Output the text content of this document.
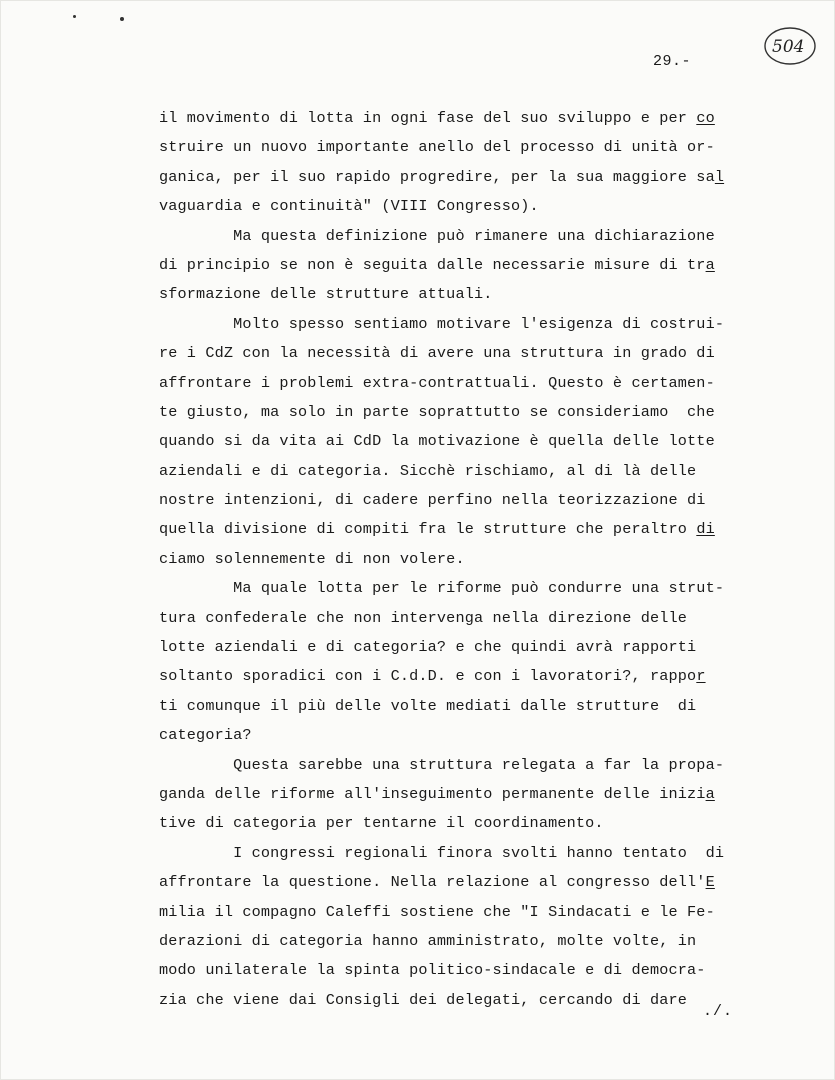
29.-
504
il movimento di lotta in ogni fase del suo sviluppo e per co
struire un nuovo importante anello del processo di unità or-
ganica, per il suo rapido progredire, per la sua maggiore sal
vaguardia e continuità" (VIII Congresso).
Ma questa definizione può rimanere una dichiarazione
di principio se non è seguita dalle necessarie misure di tra
sformazione delle strutture attuali.
Molto spesso sentiamo motivare l'esigenza di costrui-
re i CdZ con la necessità di avere una struttura in grado di
affrontare i problemi extra-contrattuali. Questo è certamen-
te giusto, ma solo in parte soprattutto se consideriamo  che
quando si da vita ai CdD la motivazione è quella delle lotte
aziendali e di categoria. Sicchè rischiamo, al di là delle
nostre intenzioni, di cadere perfino nella teorizzazione di
quella divisione di compiti fra le strutture che peraltro di
ciamo solennemente di non volere.
Ma quale lotta per le riforme può condurre una strut-
tura confederale che non intervenga nella direzione delle
lotte aziendali e di categoria? e che quindi avrà rapporti
soltanto sporadici con i C.d.D. e con i lavoratori?, rappor
ti comunque il più delle volte mediati dalle strutture  di
categoria?
Questa sarebbe una struttura relegata a far la propa-
ganda delle riforme all'inseguimento permanente delle inizia
tive di categoria per tentarne il coordinamento.
I congressi regionali finora svolti hanno tentato  di
affrontare la questione. Nella relazione al congresso dell'E
milia il compagno Caleffi sostiene che "I Sindacati e le Fe-
derazioni di categoria hanno amministrato, molte volte, in
modo unilaterale la spinta politico-sindacale e di democra-
zia che viene dai Consigli dei delegati, cercando di dare
./.
